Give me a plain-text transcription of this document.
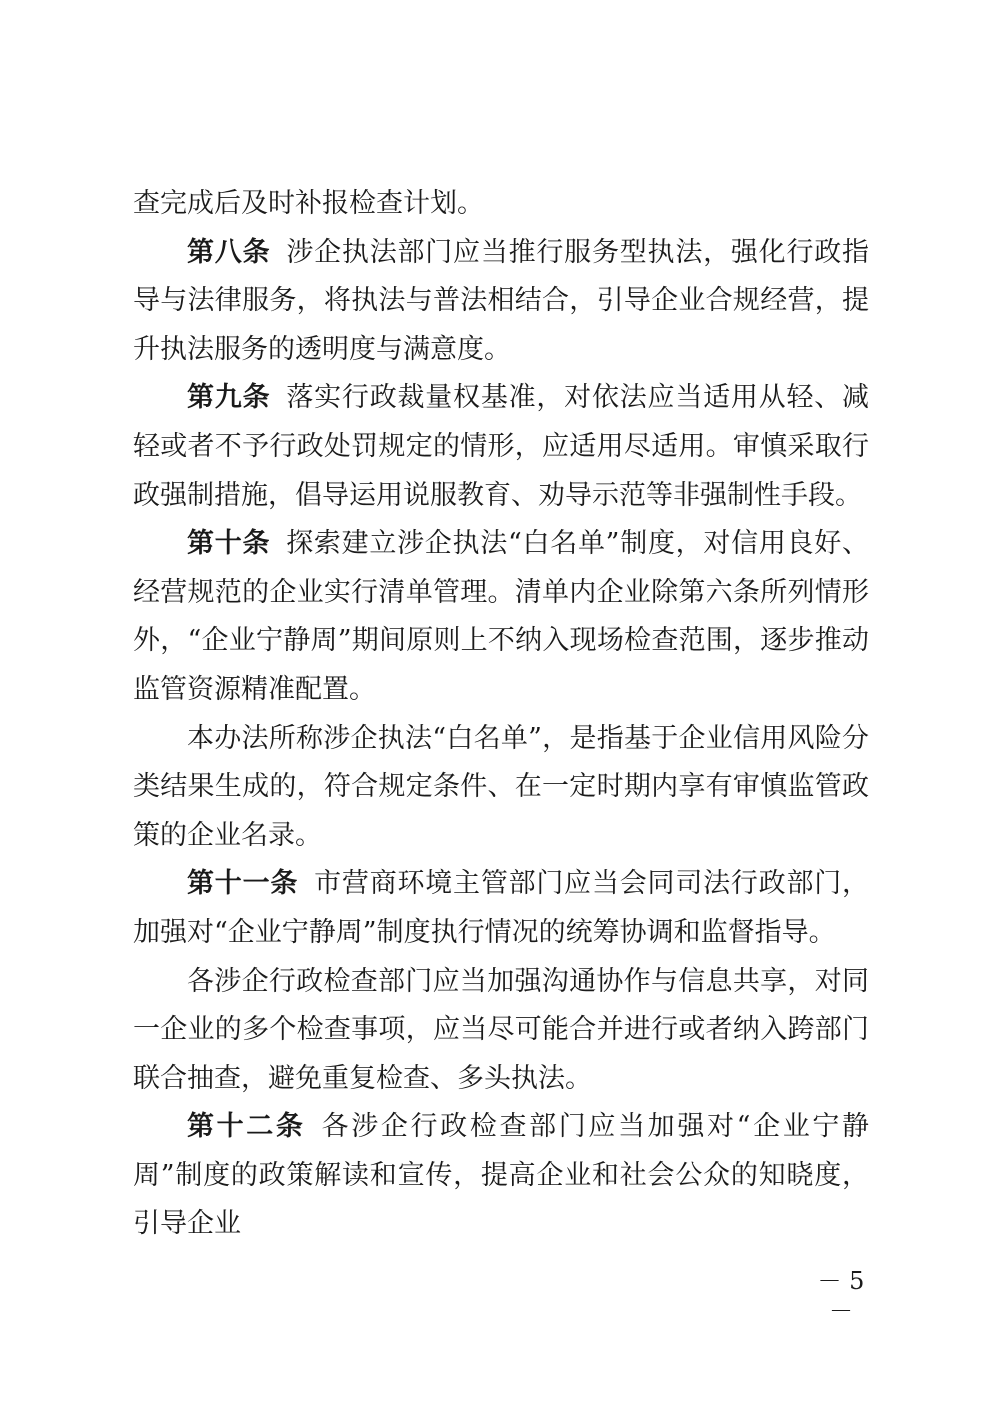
查完成后及时补报检查计划。

第八条 涉企执法部门应当推行服务型执法，强化行政指导与法律服务，将执法与普法相结合，引导企业合规经营，提升执法服务的透明度与满意度。

第九条 落实行政裁量权基准，对依法应当适用从轻、减轻或者不予行政处罚规定的情形，应适用尽适用。审慎采取行政强制措施，倡导运用说服教育、劝导示范等非强制性手段。

第十条 探索建立涉企执法“白名单”制度，对信用良好、经营规范的企业实行清单管理。清单内企业除第六条所列情形外，“企业宁静周”期间原则上不纳入现场检查范围，逐步推动监管资源精准配置。

本办法所称涉企执法“白名单”，是指基于企业信用风险分类结果生成的，符合规定条件、在一定时期内享有审慎监管政策的企业名录。

第十一条 市营商环境主管部门应当会同司法行政部门，加强对“企业宁静周”制度执行情况的统筹协调和监督指导。

各涉企行政检查部门应当加强沟通协作与信息共享，对同一企业的多个检查事项，应当尽可能合并进行或者纳入跨部门联合抽查，避免重复检查、多头执法。

第十二条 各涉企行政检查部门应当加强对“企业宁静周”制度的政策解读和宣传，提高企业和社会公众的知晓度，引导企业

－ 5 －
